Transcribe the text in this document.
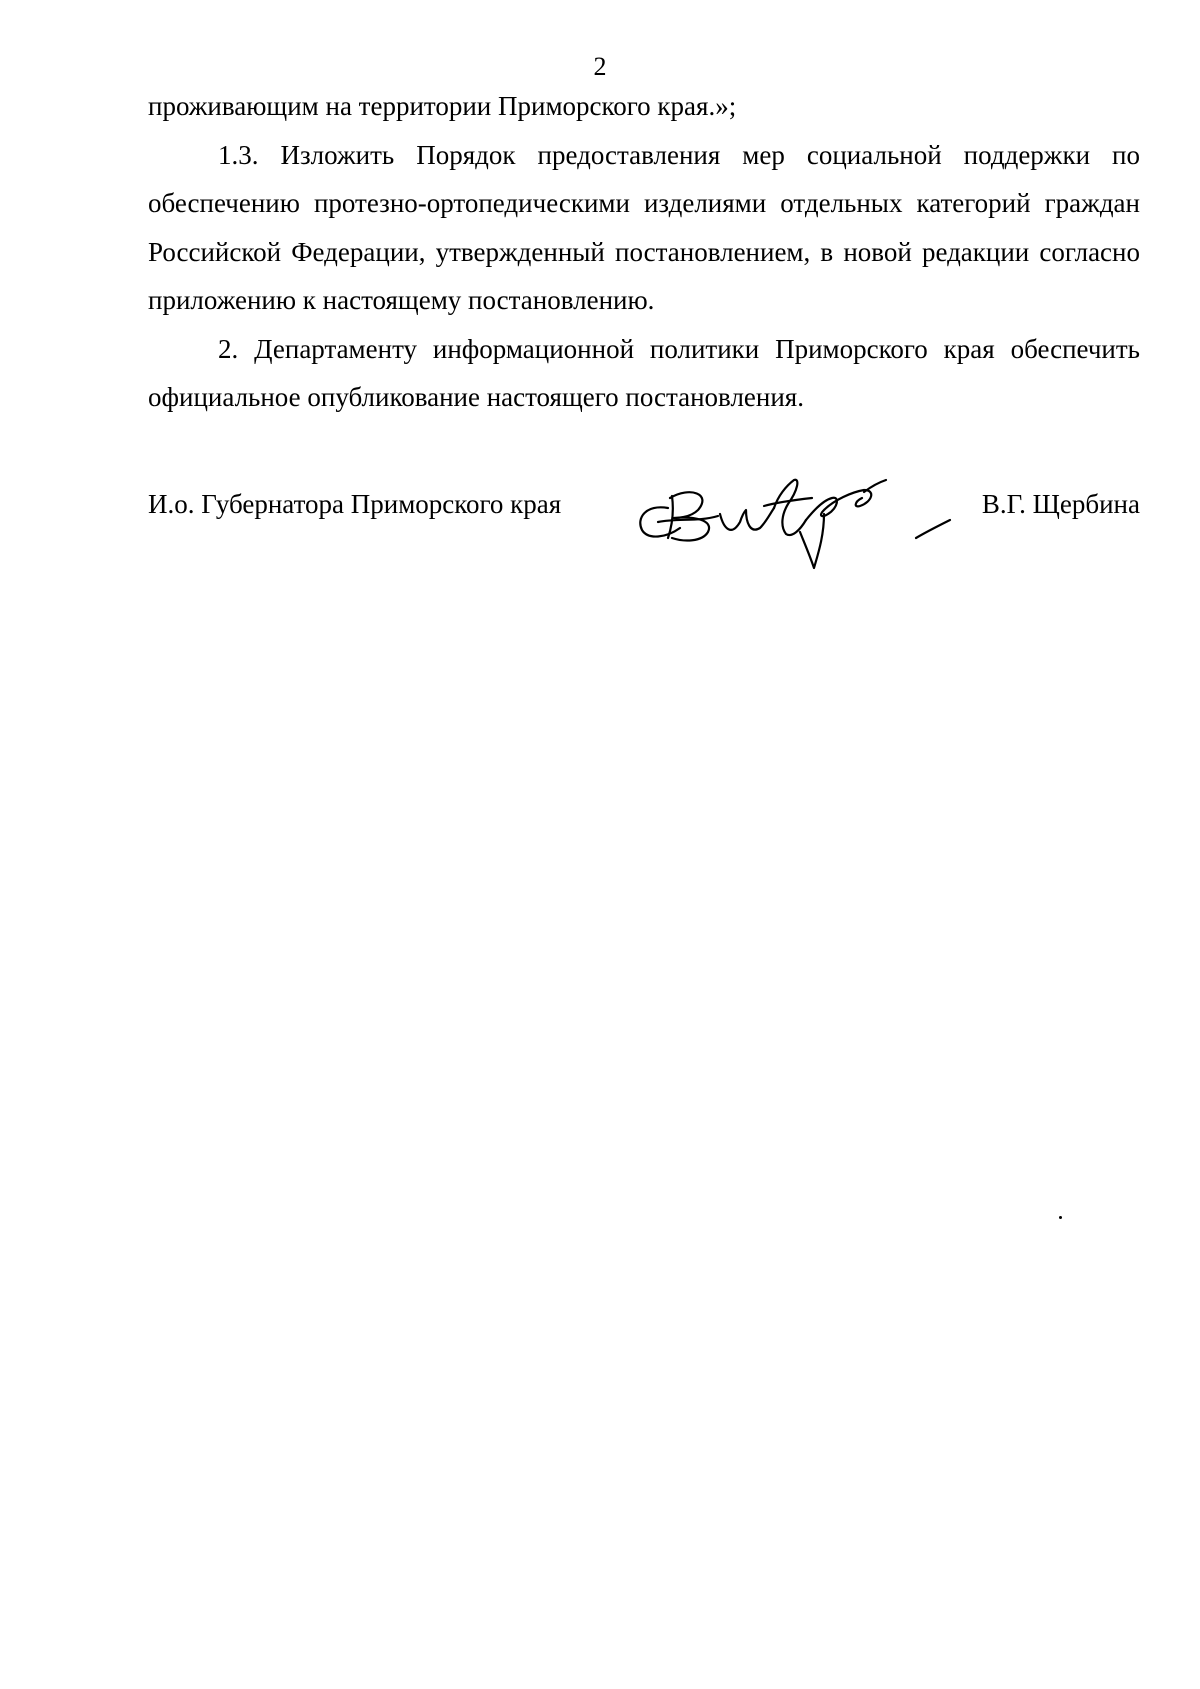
2

проживающим на территории Приморского края.»;

1.3. Изложить Порядок предоставления мер социальной поддержки по обеспечению протезно-ортопедическими изделиями отдельных категорий граждан Российской Федерации, утвержденный постановлением, в новой редакции согласно приложению к настоящему постановлению.

2. Департаменту информационной политики Приморского края обеспечить официальное опубликование настоящего постановления.

И.о. Губернатора Приморского края	В.Г. Щербина
